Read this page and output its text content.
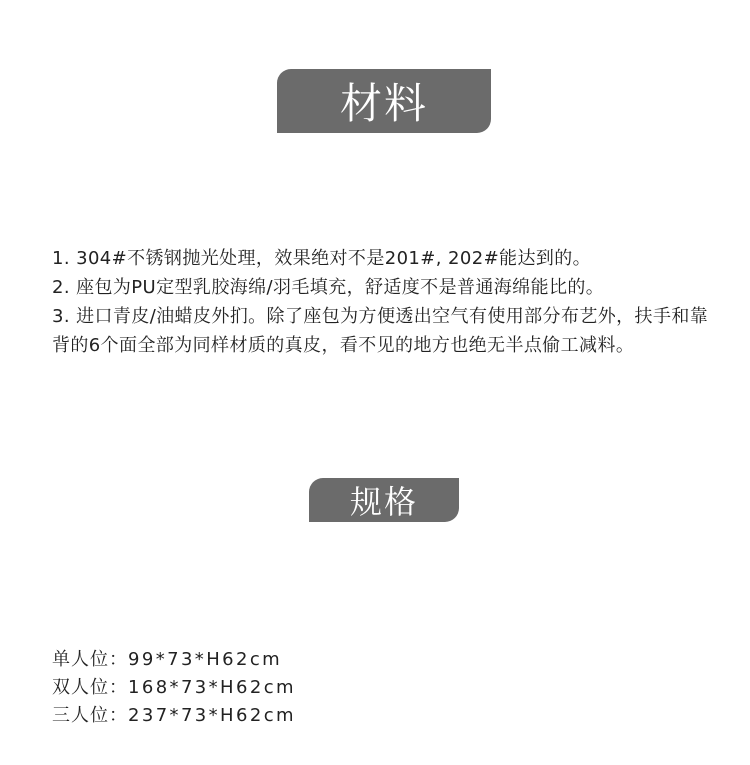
材料

1. 304#不锈钢抛光处理，效果绝对不是201#, 202#能达到的。

2. 座包为PU定型乳胶海绵/羽毛填充，舒适度不是普通海绵能比的。

3. 进口青皮/油蜡皮外扪。除了座包为方便透出空气有使用部分布艺外，扶手和靠背的6个面全部为同样材质的真皮，看不见的地方也绝无半点偷工减料。

规格
单人位：99*73*H62cm
双人位：168*73*H62cm
三人位：237*73*H62cm
